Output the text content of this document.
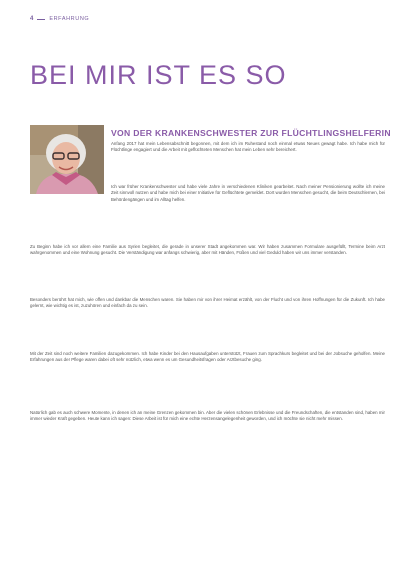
4	ERFAHRUNG
BEI MIR IST ES SO
VON DER KRANKENSCHWESTER ZUR FLÜCHTLINGSHELFERIN

Anfang 2017 hat mein Lebensabschnitt begonnen, mit dem ich im Ruhestand noch einmal etwas Neues gewagt habe. Ich habe mich für Flüchtlinge engagiert und die Arbeit mit geflüchteten Menschen hat mein Leben sehr bereichert.

Ich war früher Krankenschwester und habe viele Jahre in verschiedenen Kliniken gearbeitet. Nach meiner Pensionierung wollte ich meine Zeit sinnvoll nutzen und habe mich bei einer Initiative für Geflüchtete gemeldet. Dort wurden Menschen gesucht, die beim Deutschlernen, bei Behördengängen und im Alltag helfen.

Zu Beginn habe ich vor allem eine Familie aus Syrien begleitet, die gerade in unserer Stadt angekommen war. Wir haben zusammen Formulare ausgefüllt, Termine beim Arzt wahrgenommen und eine Wohnung gesucht. Die Verständigung war anfangs schwierig, aber mit Händen, Füßen und viel Geduld haben wir uns immer verstanden.

Besonders berührt hat mich, wie offen und dankbar die Menschen waren. Sie haben mir von ihrer Heimat erzählt, von der Flucht und von ihren Hoffnungen für die Zukunft. Ich habe gelernt, wie wichtig es ist, zuzuhören und einfach da zu sein.

Mit der Zeit sind noch weitere Familien dazugekommen. Ich habe Kinder bei den Hausaufgaben unterstützt, Frauen zum Sprachkurs begleitet und bei der Jobsuche geholfen. Meine Erfahrungen aus der Pflege waren dabei oft sehr nützlich, etwa wenn es um Gesundheitsfragen oder Arztbesuche ging.

Natürlich gab es auch schwere Momente, in denen ich an meine Grenzen gekommen bin. Aber die vielen schönen Erlebnisse und die Freundschaften, die entstanden sind, haben mir immer wieder Kraft gegeben. Heute kann ich sagen: Diese Arbeit ist für mich eine echte Herzensangelegenheit geworden, und ich möchte sie nicht mehr missen.
